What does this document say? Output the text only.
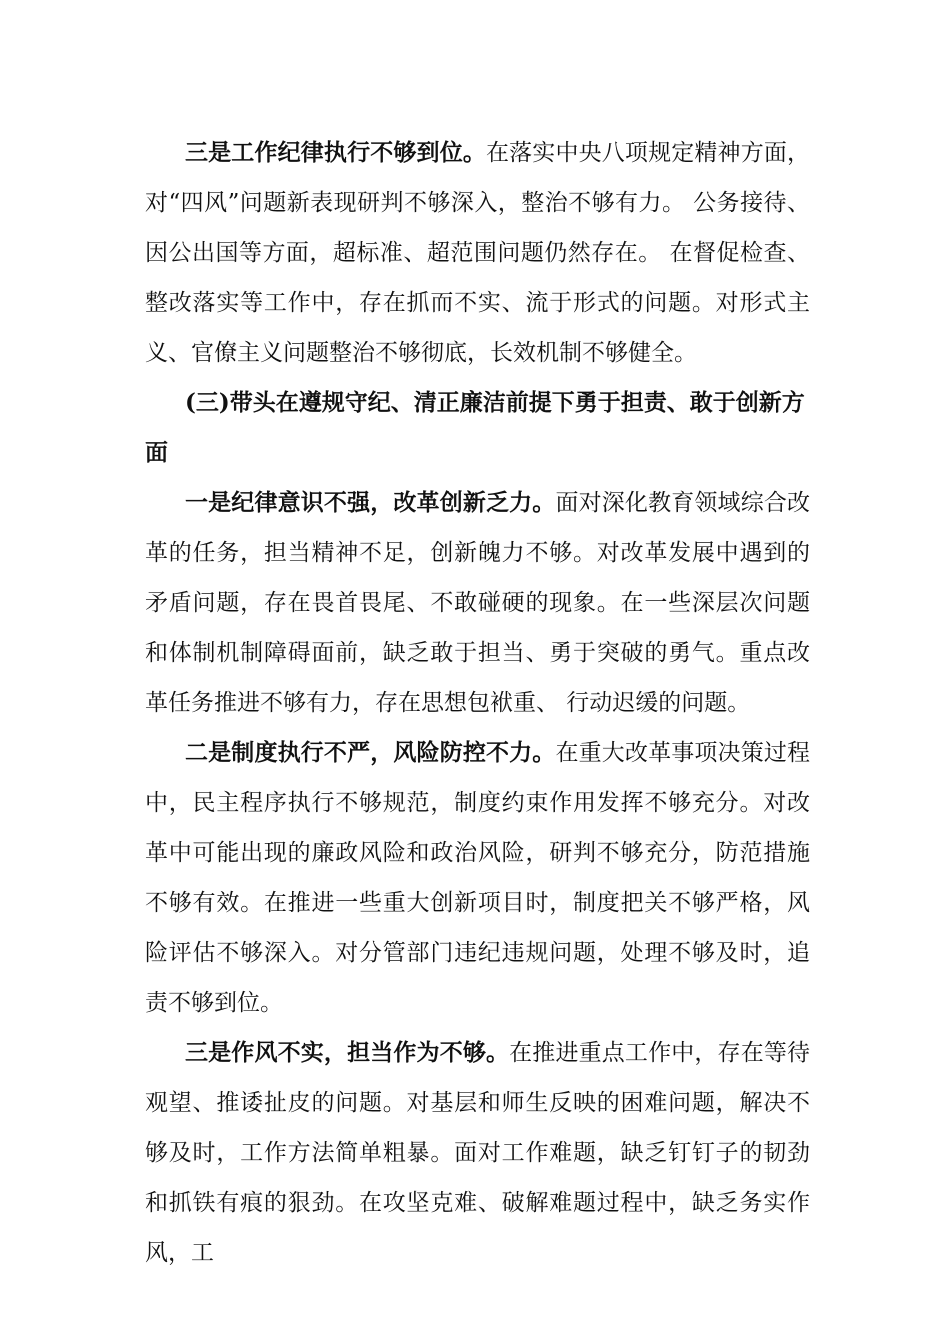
三是工作纪律执行不够到位。在落实中央八项规定精神方面，对“四风”问题新表现研判不够深入，整治不够有力。 公务接待、因公出国等方面，超标准、超范围问题仍然存在。 在督促检查、整改落实等工作中，存在抓而不实、流于形式的问题。对形式主义、官僚主义问题整治不够彻底，长效机制不够健全。

(三)带头在遵规守纪、清正廉洁前提下勇于担责、敢于创新方面

一是纪律意识不强，改革创新乏力。面对深化教育领域综合改革的任务，担当精神不足，创新魄力不够。对改革发展中遇到的矛盾问题，存在畏首畏尾、不敢碰硬的现象。在一些深层次问题和体制机制障碍面前，缺乏敢于担当、勇于突破的勇气。重点改革任务推进不够有力，存在思想包袱重、 行动迟缓的问题。

二是制度执行不严，风险防控不力。在重大改革事项决策过程中，民主程序执行不够规范，制度约束作用发挥不够充分。对改革中可能出现的廉政风险和政治风险，研判不够充分，防范措施不够有效。在推进一些重大创新项目时，制度把关不够严格，风险评估不够深入。对分管部门违纪违规问题，处理不够及时，追责不够到位。

三是作风不实，担当作为不够。在推进重点工作中，存在等待观望、推诿扯皮的问题。对基层和师生反映的困难问题，解决不够及时，工作方法简单粗暴。面对工作难题，缺乏钉钉子的韧劲和抓铁有痕的狠劲。在攻坚克难、破解难题过程中，缺乏务实作风，工
